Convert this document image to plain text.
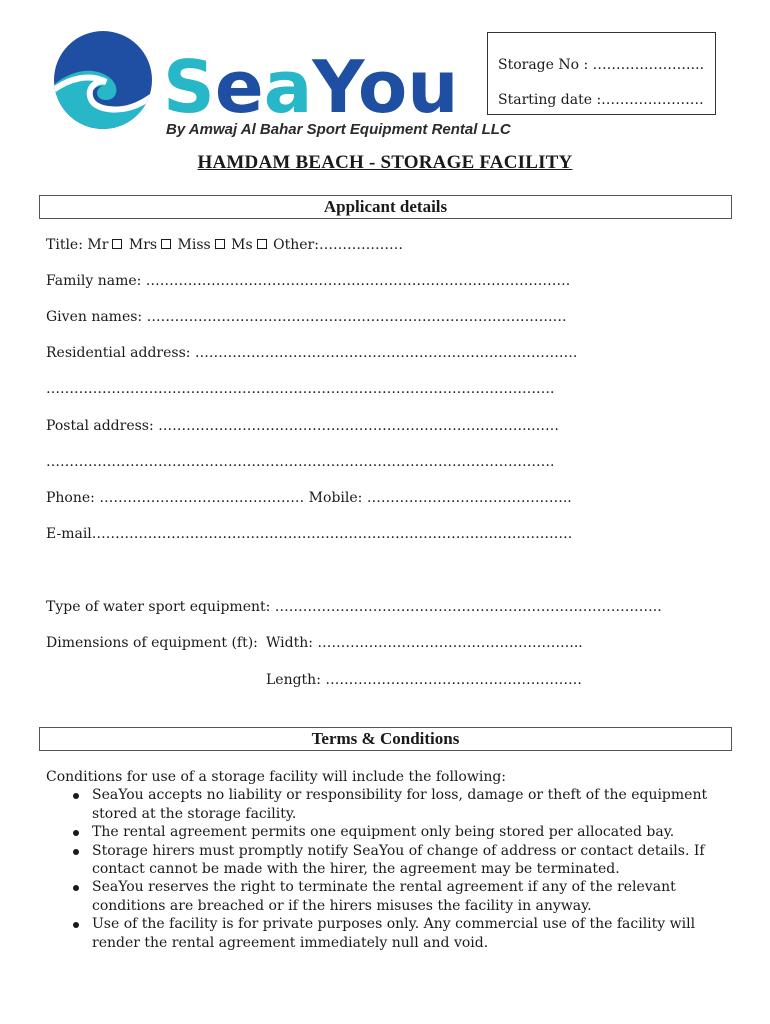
SeaYou

By Amwaj Al Bahar Sport Equipment Rental LLC

Storage No : …………………...
Starting date :………………….
HAMDAM BEACH - STORAGE FACILITY
Applicant details
Title: Mr Mrs Miss Ms Other:………………
Family name: ……………………………………………………………………………….
Given names: ………………………………………………………………………………
Residential address: ……………………………………………………………………….
……………………………………………………………………………………………….
Postal address: ……………………………………………………………………..……
……………………………………………………………………………………………….
Phone: ………………………..…………… Mobile: ……………………………………..
E-mail………………………………………………………………………………………….
Type of water sport equipment: ………………………………………………………………………..
Dimensions of equipment (ft): Width: ………………………………………………...
Length: ……………………………………………….
Terms & Conditions

Conditions for use of a storage facility will include the following:

SeaYou accepts no liability or responsibility for loss, damage or theft of the equipment stored at the storage facility.
The rental agreement permits one equipment only being stored per allocated bay.
Storage hirers must promptly notify SeaYou of change of address or contact details. If contact cannot be made with the hirer, the agreement may be terminated.
SeaYou reserves the right to terminate the rental agreement if any of the relevant conditions are breached or if the hirers misuses the facility in anyway.
Use of the facility is for private purposes only. Any commercial use of the facility will render the rental agreement immediately null and void.
